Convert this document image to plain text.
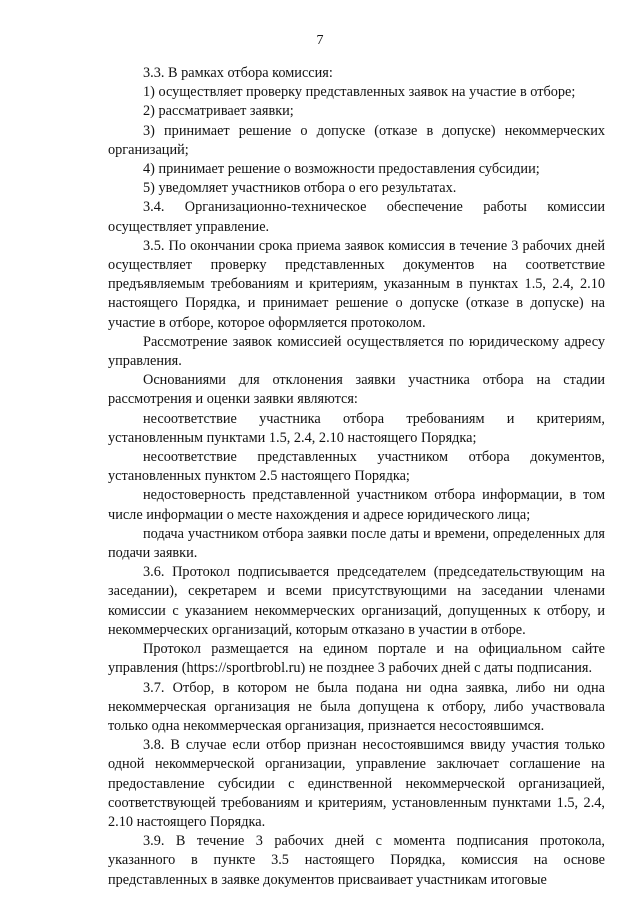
7

3.3. В рамках отбора комиссия:

1) осуществляет проверку представленных заявок на участие в отборе;

2) рассматривает заявки;

3) принимает решение о допуске (отказе в допуске) некоммерческих организаций;

4) принимает решение о возможности предоставления субсидии;

5) уведомляет участников отбора о его результатах.

3.4. Организационно-техническое обеспечение работы комиссии осуществляет управление.

3.5. По окончании срока приема заявок комиссия в течение 3 рабочих дней осуществляет проверку представленных документов на соответствие предъявляемым требованиям и критериям, указанным в пунктах 1.5, 2.4, 2.10 настоящего Порядка, и принимает решение о допуске (отказе в допуске) на участие в отборе, которое оформляется протоколом.

Рассмотрение заявок комиссией осуществляется по юридическому адресу управления.

Основаниями для отклонения заявки участника отбора на стадии рассмотрения и оценки заявки являются:

несоответствие участника отбора требованиям и критериям, установленным пунктами 1.5, 2.4, 2.10 настоящего Порядка;

несоответствие представленных участником отбора документов, установленных пунктом 2.5 настоящего Порядка;

недостоверность представленной участником отбора информации, в том числе информации о месте нахождения и адресе юридического лица;

подача участником отбора заявки после даты и времени, определенных для подачи заявки.

3.6. Протокол подписывается председателем (председательствующим на заседании), секретарем и всеми присутствующими на заседании членами комиссии с указанием некоммерческих организаций, допущенных к отбору, и некоммерческих организаций, которым отказано в участии в отборе.

Протокол размещается на едином портале и на официальном сайте управления (https://sportbrobl.ru) не позднее 3 рабочих дней с даты подписания.

3.7. Отбор, в котором не была подана ни одна заявка, либо ни одна некоммерческая организация не была допущена к отбору, либо участвовала только одна некоммерческая организация, признается несостоявшимся.

3.8. В случае если отбор признан несостоявшимся ввиду участия только одной некоммерческой организации, управление заключает соглашение на предоставление субсидии с единственной некоммерческой организацией, соответствующей требованиям и критериям, установленным пунктами 1.5, 2.4, 2.10 настоящего Порядка.

3.9. В течение 3 рабочих дней с момента подписания протокола, указанного в пункте 3.5 настоящего Порядка, комиссия на основе представленных в заявке документов присваивает участникам итоговые
